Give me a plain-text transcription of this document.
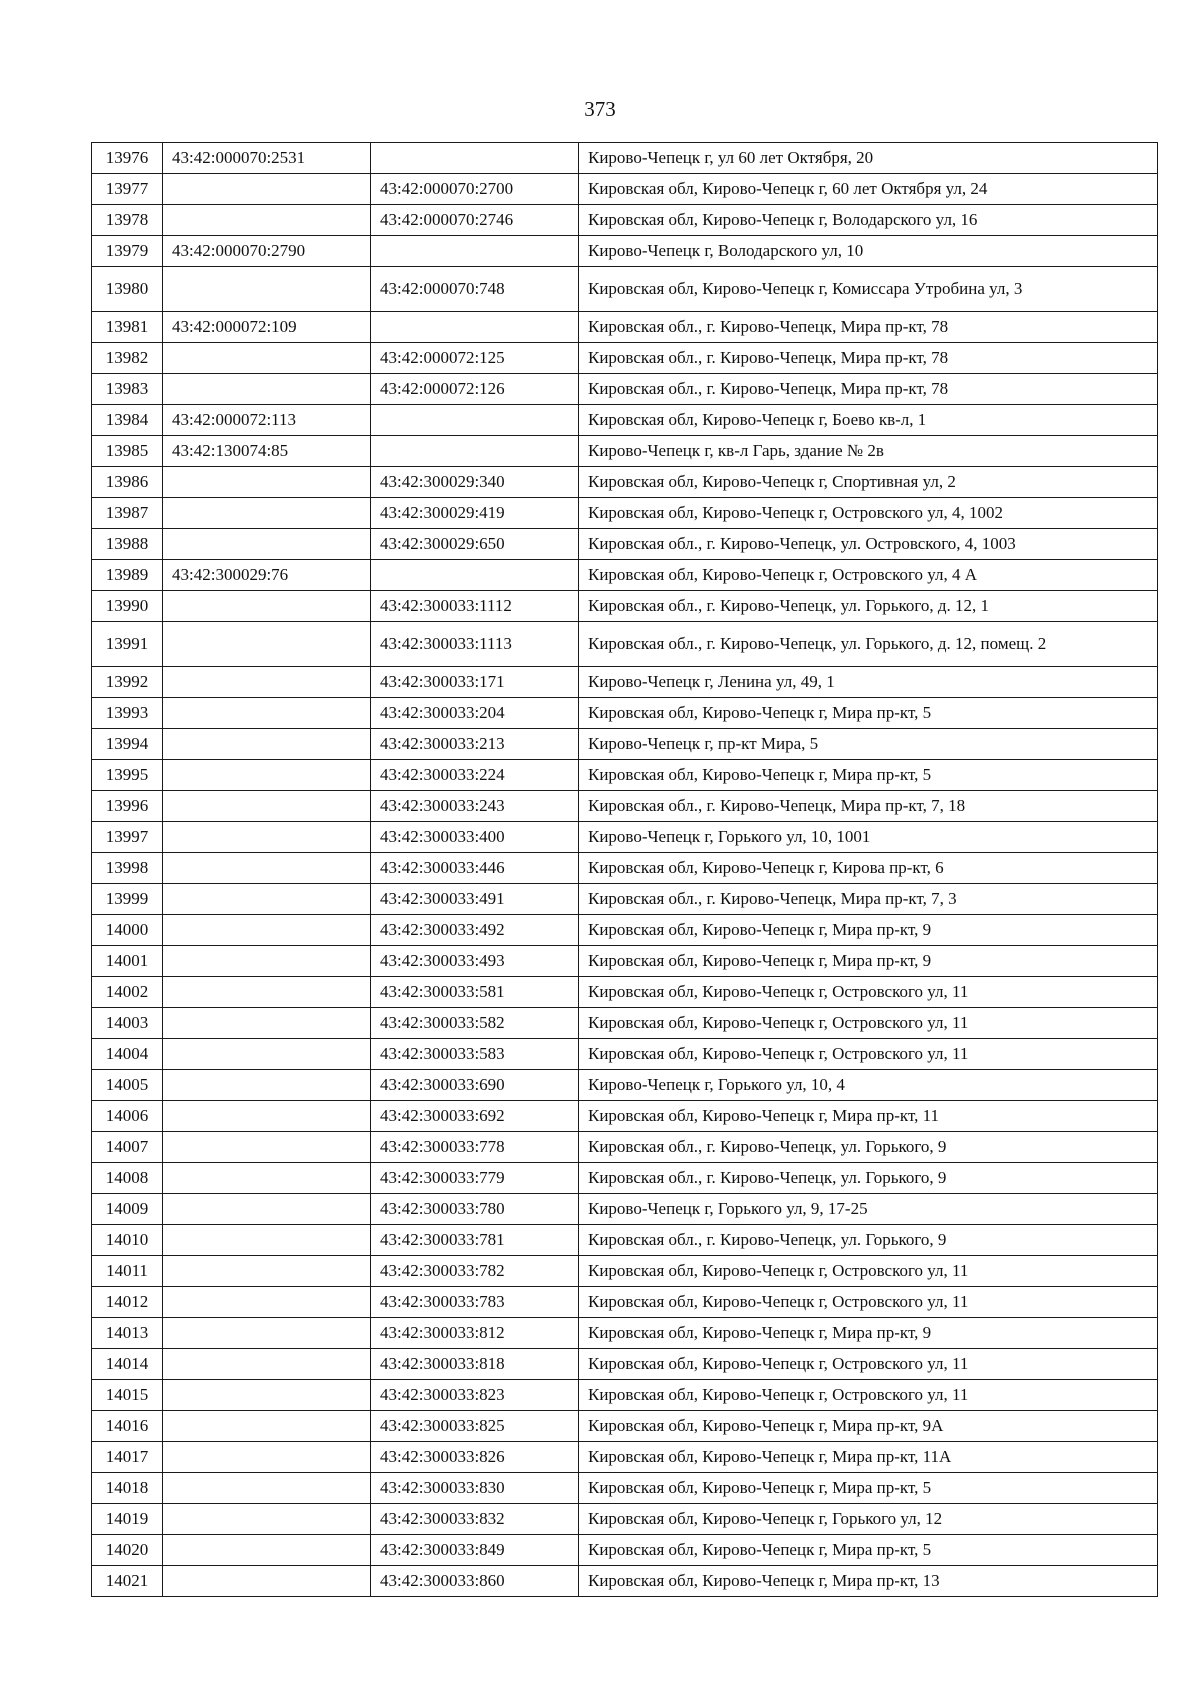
373
13976	43:42:000070:2531		Кирово-Чепецк г, ул 60 лет Октября, 20
13977		43:42:000070:2700	Кировская обл, Кирово-Чепецк г, 60 лет Октября ул, 24
13978		43:42:000070:2746	Кировская обл, Кирово-Чепецк г, Володарского ул, 16
13979	43:42:000070:2790		Кирово-Чепецк г, Володарского ул, 10
13980		43:42:000070:748	Кировская обл, Кирово-Чепецк г, Комиссара Утробина ул, 3
13981	43:42:000072:109		Кировская обл., г. Кирово-Чепецк, Мира пр-кт, 78
13982		43:42:000072:125	Кировская обл., г. Кирово-Чепецк, Мира пр-кт, 78
13983		43:42:000072:126	Кировская обл., г. Кирово-Чепецк, Мира пр-кт, 78
13984	43:42:000072:113		Кировская обл, Кирово-Чепецк г, Боево кв-л, 1
13985	43:42:130074:85		Кирово-Чепецк г, кв-л Гарь, здание № 2в
13986		43:42:300029:340	Кировская обл, Кирово-Чепецк г, Спортивная ул, 2
13987		43:42:300029:419	Кировская обл, Кирово-Чепецк г, Островского ул, 4, 1002
13988		43:42:300029:650	Кировская обл., г. Кирово-Чепецк, ул. Островского, 4, 1003
13989	43:42:300029:76		Кировская обл, Кирово-Чепецк г, Островского ул, 4 А
13990		43:42:300033:1112	Кировская обл., г. Кирово-Чепецк, ул. Горького, д. 12, 1
13991		43:42:300033:1113	Кировская обл., г. Кирово-Чепецк, ул. Горького, д. 12, помещ. 2
13992		43:42:300033:171	Кирово-Чепецк г, Ленина ул, 49, 1
13993		43:42:300033:204	Кировская обл, Кирово-Чепецк г, Мира пр-кт, 5
13994		43:42:300033:213	Кирово-Чепецк г, пр-кт Мира, 5
13995		43:42:300033:224	Кировская обл, Кирово-Чепецк г, Мира пр-кт, 5
13996		43:42:300033:243	Кировская обл., г. Кирово-Чепецк, Мира пр-кт, 7, 18
13997		43:42:300033:400	Кирово-Чепецк г, Горького ул, 10, 1001
13998		43:42:300033:446	Кировская обл, Кирово-Чепецк г, Кирова пр-кт, 6
13999		43:42:300033:491	Кировская обл., г. Кирово-Чепецк, Мира пр-кт, 7, 3
14000		43:42:300033:492	Кировская обл, Кирово-Чепецк г, Мира пр-кт, 9
14001		43:42:300033:493	Кировская обл, Кирово-Чепецк г, Мира пр-кт, 9
14002		43:42:300033:581	Кировская обл, Кирово-Чепецк г, Островского ул, 11
14003		43:42:300033:582	Кировская обл, Кирово-Чепецк г, Островского ул, 11
14004		43:42:300033:583	Кировская обл, Кирово-Чепецк г, Островского ул, 11
14005		43:42:300033:690	Кирово-Чепецк г, Горького ул, 10, 4
14006		43:42:300033:692	Кировская обл, Кирово-Чепецк г, Мира пр-кт, 11
14007		43:42:300033:778	Кировская обл., г. Кирово-Чепецк, ул. Горького, 9
14008		43:42:300033:779	Кировская обл., г. Кирово-Чепецк, ул. Горького, 9
14009		43:42:300033:780	Кирово-Чепецк г, Горького ул, 9, 17-25
14010		43:42:300033:781	Кировская обл., г. Кирово-Чепецк, ул. Горького, 9
14011		43:42:300033:782	Кировская обл, Кирово-Чепецк г, Островского ул, 11
14012		43:42:300033:783	Кировская обл, Кирово-Чепецк г, Островского ул, 11
14013		43:42:300033:812	Кировская обл, Кирово-Чепецк г, Мира пр-кт, 9
14014		43:42:300033:818	Кировская обл, Кирово-Чепецк г, Островского ул, 11
14015		43:42:300033:823	Кировская обл, Кирово-Чепецк г, Островского ул, 11
14016		43:42:300033:825	Кировская обл, Кирово-Чепецк г, Мира пр-кт, 9А
14017		43:42:300033:826	Кировская обл, Кирово-Чепецк г, Мира пр-кт, 11А
14018		43:42:300033:830	Кировская обл, Кирово-Чепецк г, Мира пр-кт, 5
14019		43:42:300033:832	Кировская обл, Кирово-Чепецк г, Горького ул, 12
14020		43:42:300033:849	Кировская обл, Кирово-Чепецк г, Мира пр-кт, 5
14021		43:42:300033:860	Кировская обл, Кирово-Чепецк г, Мира пр-кт, 13
